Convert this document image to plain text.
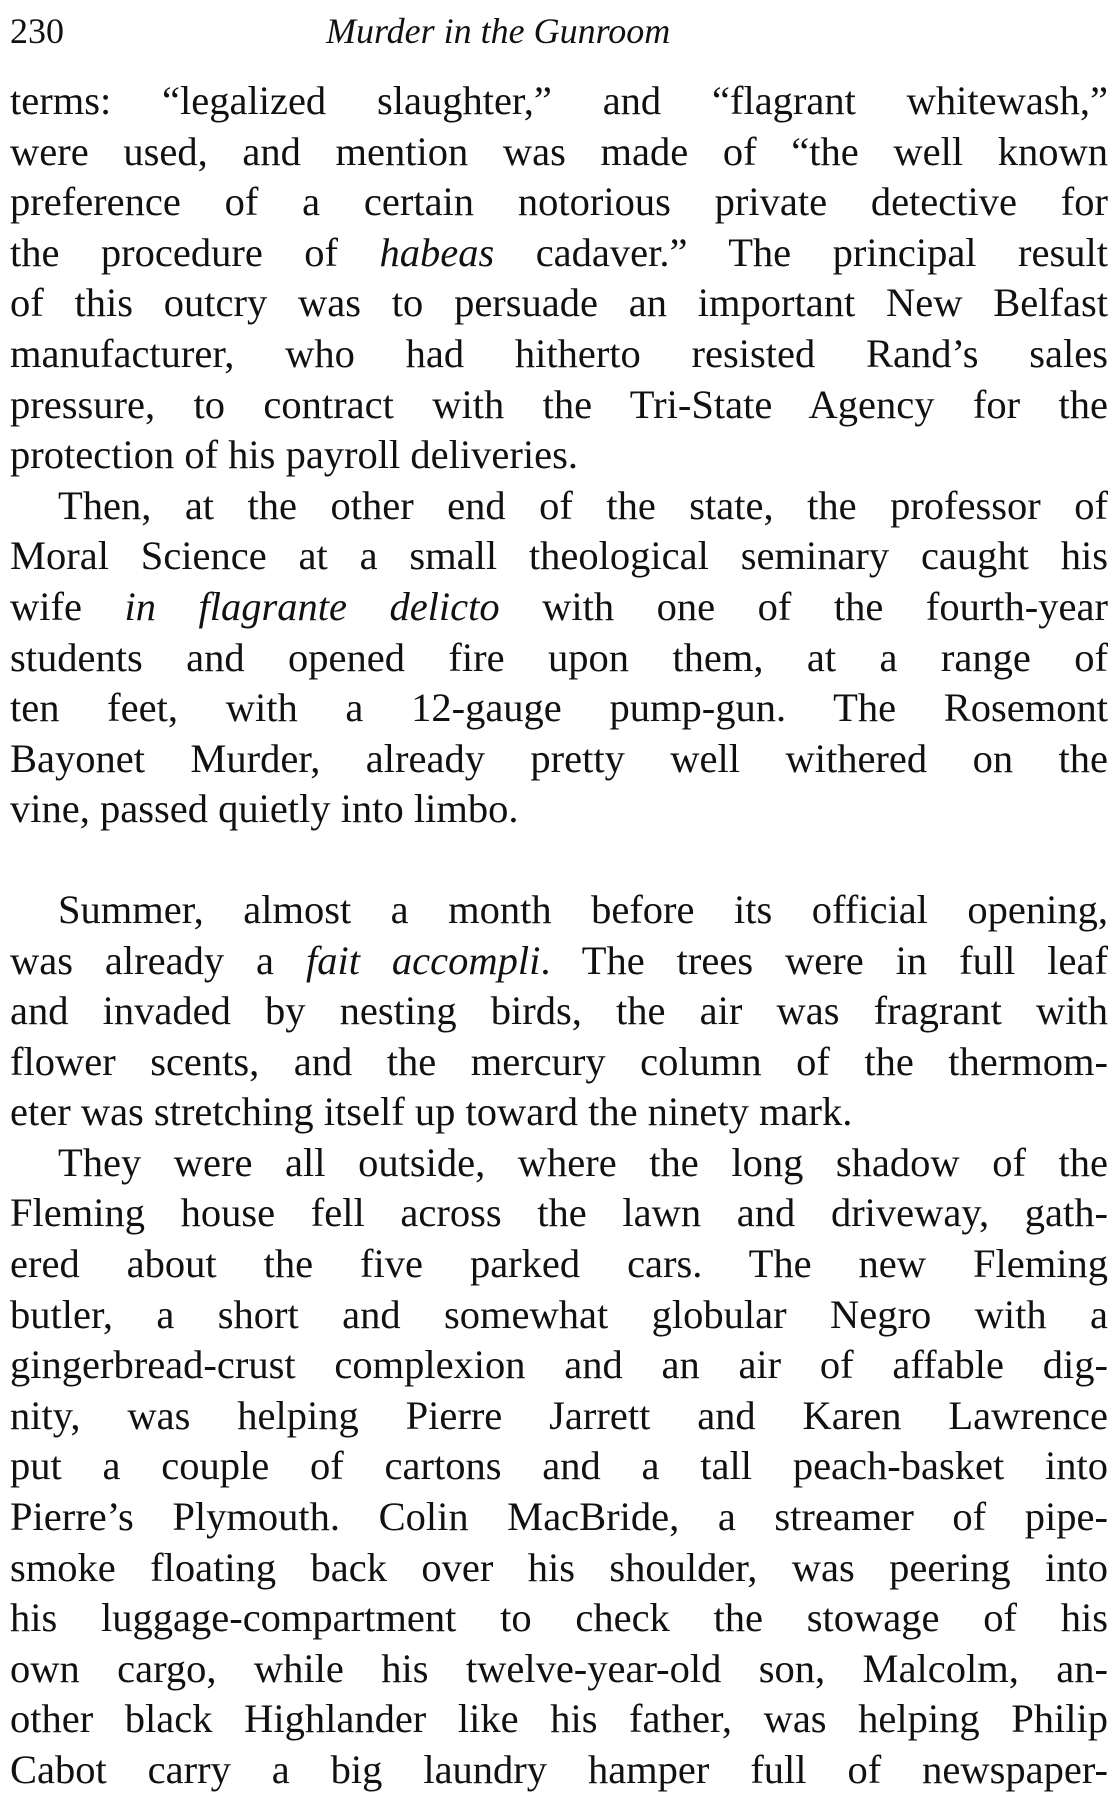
230	Murder in the Gunroom
terms: “legalized slaughter,” and “flagrant whitewash,”
were used, and mention was made of “the well known
preference of a certain notorious private detective for
the procedure of habeas cadaver.” The principal result
of this outcry was to persuade an important New Belfast
manufacturer, who had hitherto resisted Rand’s sales
pressure, to contract with the Tri-State Agency for the
protection of his payroll deliveries.
Then, at the other end of the state, the professor of
Moral Science at a small theological seminary caught his
wife in flagrante delicto with one of the fourth-year
students and opened fire upon them, at a range of
ten feet, with a 12-gauge pump-gun. The Rosemont
Bayonet Murder, already pretty well withered on the
vine, passed quietly into limbo.
Summer, almost a month before its official opening,
was already a fait accompli. The trees were in full leaf
and invaded by nesting birds, the air was fragrant with
flower scents, and the mercury column of the thermom-
eter was stretching itself up toward the ninety mark.
They were all outside, where the long shadow of the
Fleming house fell across the lawn and driveway, gath-
ered about the five parked cars. The new Fleming
butler, a short and somewhat globular Negro with a
gingerbread-crust complexion and an air of affable dig-
nity, was helping Pierre Jarrett and Karen Lawrence
put a couple of cartons and a tall peach-basket into
Pierre’s Plymouth. Colin MacBride, a streamer of pipe-
smoke floating back over his shoulder, was peering into
his luggage-compartment to check the stowage of his
own cargo, while his twelve-year-old son, Malcolm, an-
other black Highlander like his father, was helping Philip
Cabot carry a big laundry hamper full of newspaper-
